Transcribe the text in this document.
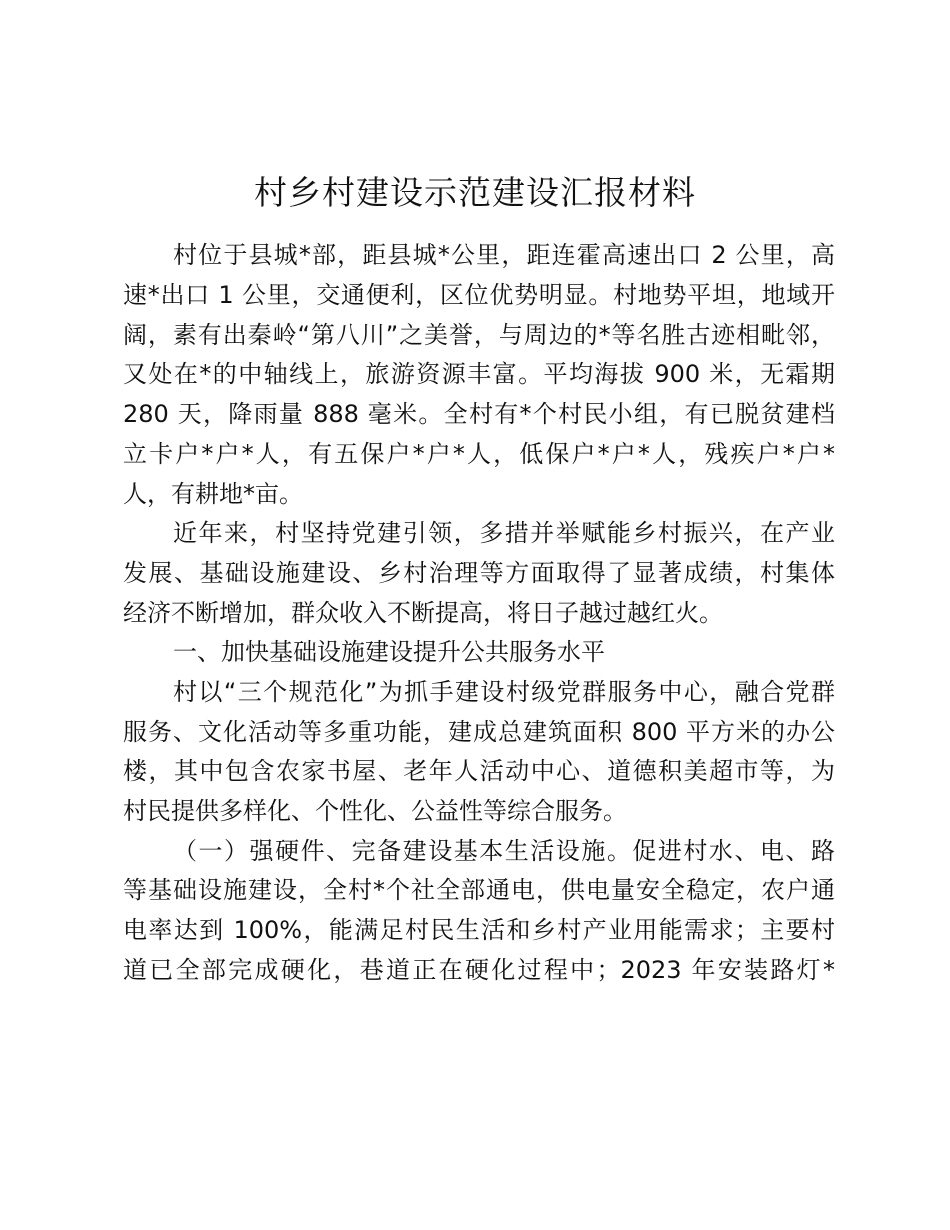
村乡村建设示范建设汇报材料
村位于县城*部，距县城*公里，距连霍高速出口 2 公里，高
速*出口 1 公里，交通便利，区位优势明显。村地势平坦，地域开
阔，素有出秦岭“第八川”之美誉，与周边的*等名胜古迹相毗邻，
又处在*的中轴线上，旅游资源丰富。平均海拔 900 米，无霜期
280 天，降雨量 888 毫米。全村有*个村民小组，有已脱贫建档
立卡户*户*人，有五保户*户*人，低保户*户*人，残疾户*户*
人，有耕地*亩。
近年来，村坚持党建引领，多措并举赋能乡村振兴，在产业
发展、基础设施建设、乡村治理等方面取得了显著成绩，村集体
经济不断增加，群众收入不断提高，将日子越过越红火。
一、加快基础设施建设提升公共服务水平
村以“三个规范化”为抓手建设村级党群服务中心，融合党群
服务、文化活动等多重功能，建成总建筑面积 800 平方米的办公
楼，其中包含农家书屋、老年人活动中心、道德积美超市等，为
村民提供多样化、个性化、公益性等综合服务。
（一）强硬件、完备建设基本生活设施。促进村水、电、路
等基础设施建设，全村*个社全部通电，供电量安全稳定，农户通
电率达到 100%，能满足村民生活和乡村产业用能需求；主要村
道已全部完成硬化，巷道正在硬化过程中；2023 年安装路灯*
